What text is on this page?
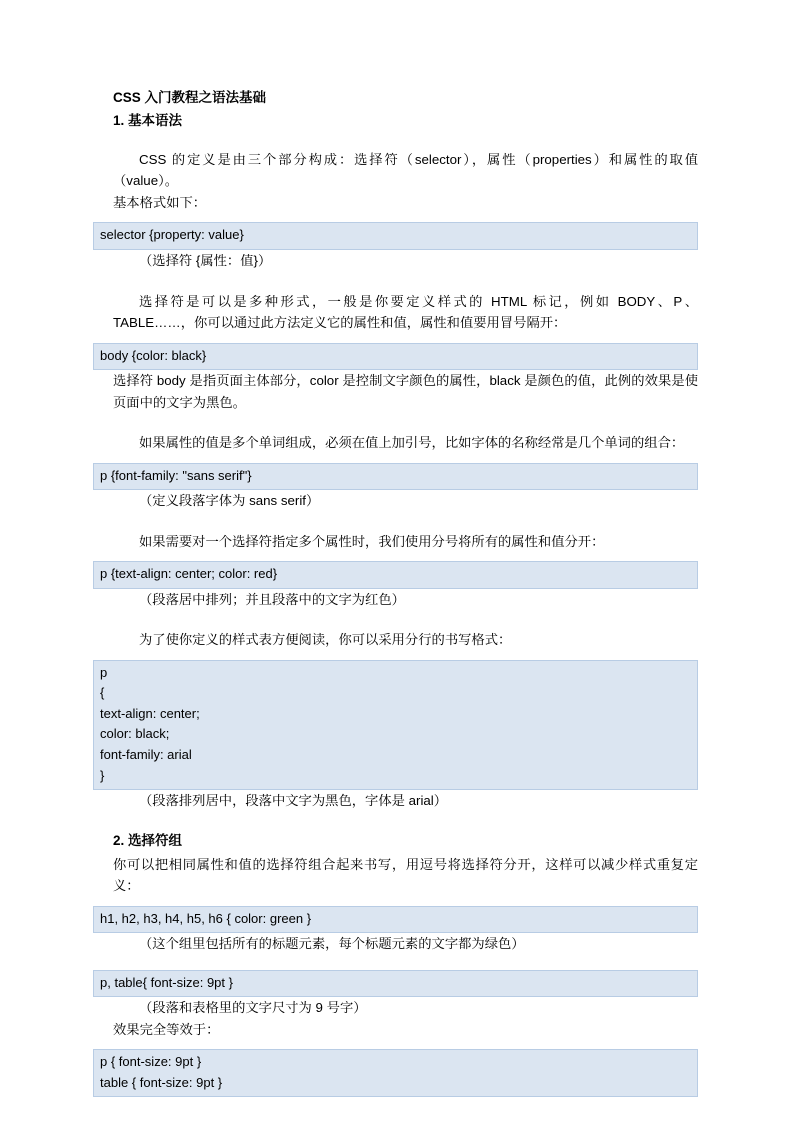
CSS 入门教程之语法基础
1. 基本语法
CSS 的定义是由三个部分构成：选择符（selector），属性（properties）和属性的取值（value）。
基本格式如下：
selector {property: value}
（选择符 {属性：值}）
选择符是可以是多种形式，一般是你要定义样式的 HTML 标记，例如 BODY、P、TABLE……，你可以通过此方法定义它的属性和值，属性和值要用冒号隔开：
body {color: black}
选择符 body 是指页面主体部分，color 是控制文字颜色的属性，black 是颜色的值，此例的效果是使页面中的文字为黑色。
如果属性的值是多个单词组成，必须在值上加引号，比如字体的名称经常是几个单词的组合：
p {font-family: "sans serif"}
（定义段落字体为 sans serif）
如果需要对一个选择符指定多个属性时，我们使用分号将所有的属性和值分开：
p {text-align: center; color: red}
（段落居中排列；并且段落中的文字为红色）
为了使你定义的样式表方便阅读，你可以采用分行的书写格式：
p
{
text-align: center;
color: black;
font-family: arial
}
（段落排列居中，段落中文字为黑色，字体是 arial）
2. 选择符组
你可以把相同属性和值的选择符组合起来书写，用逗号将选择符分开，这样可以减少样式重复定义：
h1, h2, h3, h4, h5, h6 { color: green }
（这个组里包括所有的标题元素，每个标题元素的文字都为绿色）
p, table{ font-size: 9pt }
（段落和表格里的文字尺寸为 9 号字）
效果完全等效于：
p { font-size: 9pt }
table { font-size: 9pt }
